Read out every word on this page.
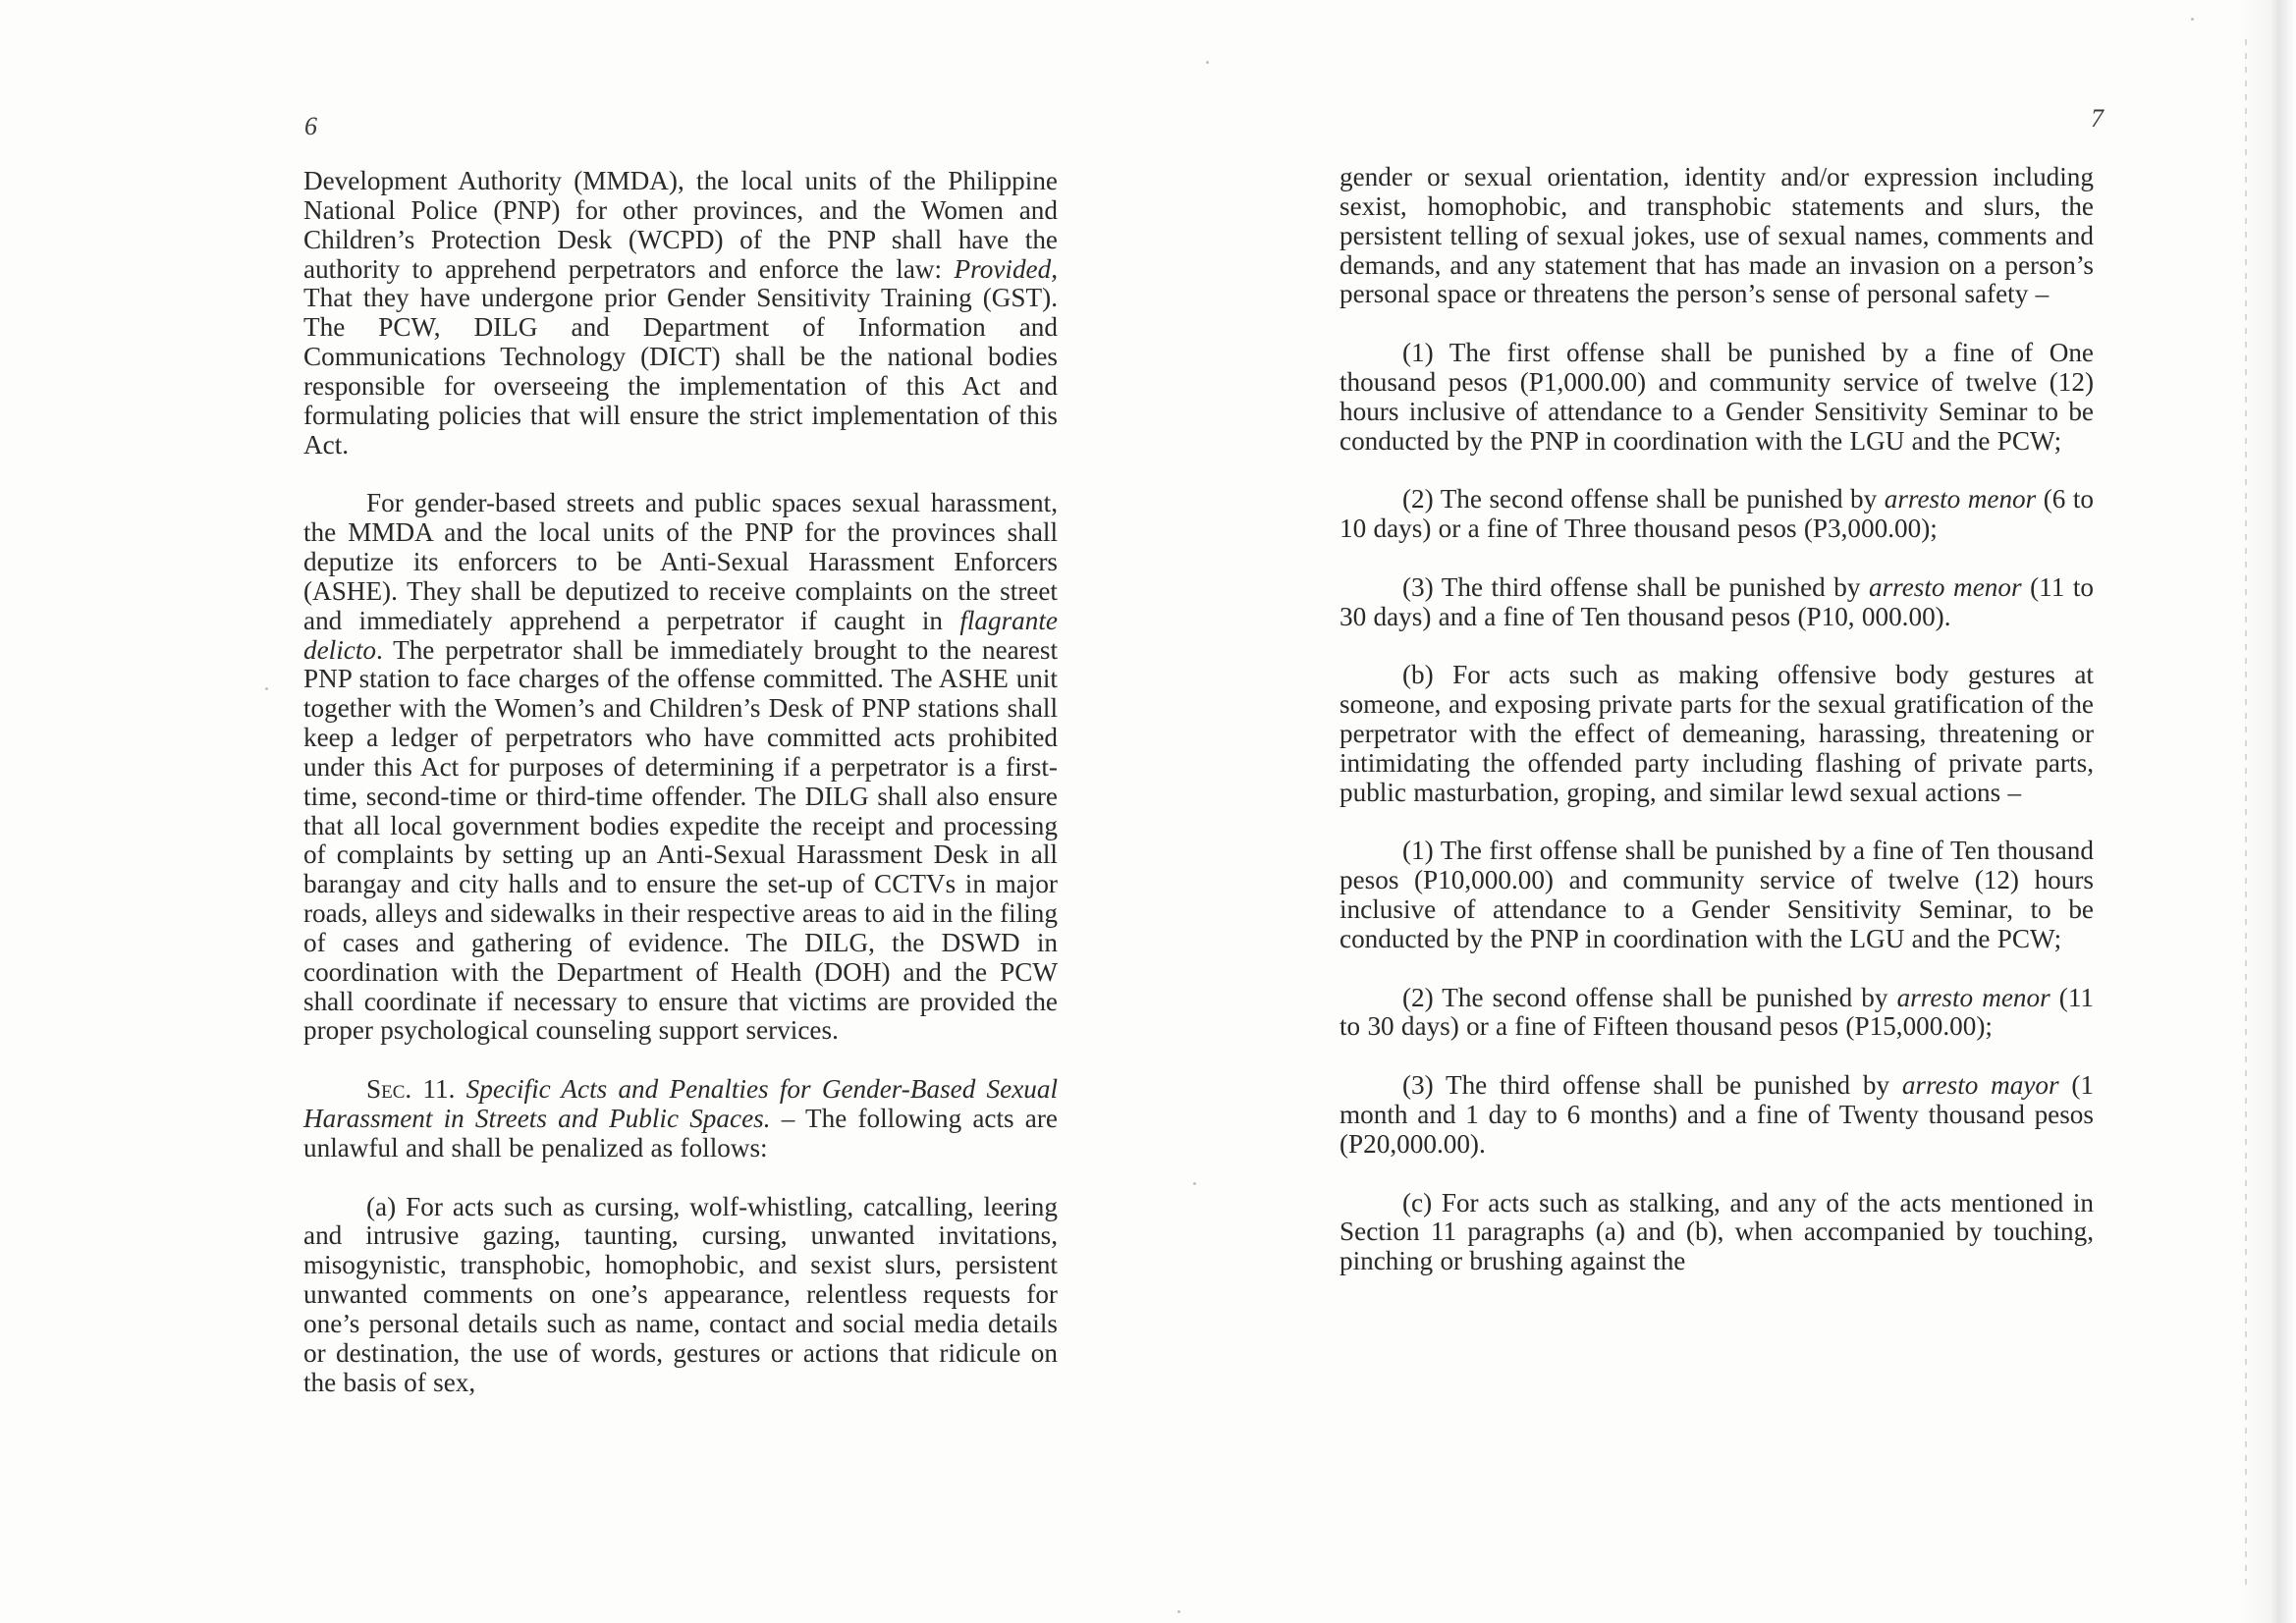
6

Development Authority (MMDA), the local units of the Philippine National Police (PNP) for other provinces, and the Women and Children’s Protection Desk (WCPD) of the PNP shall have the authority to apprehend perpetrators and enforce the law: Provided, That they have undergone prior Gender Sensitivity Training (GST). The PCW, DILG and Department of Information and Communications Technology (DICT) shall be the national bodies responsible for overseeing the implementation of this Act and formulating policies that will ensure the strict implementation of this Act.

For gender-based streets and public spaces sexual harassment, the MMDA and the local units of the PNP for the provinces shall deputize its enforcers to be Anti-Sexual Harassment Enforcers (ASHE). They shall be deputized to receive complaints on the street and immediately apprehend a perpetrator if caught in flagrante delicto. The perpetrator shall be immediately brought to the nearest PNP station to face charges of the offense committed. The ASHE unit together with the Women’s and Children’s Desk of PNP stations shall keep a ledger of perpetrators who have committed acts prohibited under this Act for purposes of determining if a perpetrator is a first-time, second-time or third-time offender. The DILG shall also ensure that all local government bodies expedite the receipt and processing of complaints by setting up an Anti-Sexual Harassment Desk in all barangay and city halls and to ensure the set-up of CCTVs in major roads, alleys and sidewalks in their respective areas to aid in the filing of cases and gathering of evidence. The DILG, the DSWD in coordination with the Department of Health (DOH) and the PCW shall coordinate if necessary to ensure that victims are provided the proper psychological counseling support services.

Sec. 11. Specific Acts and Penalties for Gender-Based Sexual Harassment in Streets and Public Spaces. – The following acts are unlawful and shall be penalized as follows:

(a) For acts such as cursing, wolf-whistling, catcalling, leering and intrusive gazing, taunting, cursing, unwanted invitations, misogynistic, transphobic, homophobic, and sexist slurs, persistent unwanted comments on one’s appearance, relentless requests for one’s personal details such as name, contact and social media details or destination, the use of words, gestures or actions that ridicule on the basis of sex,

7

gender or sexual orientation, identity and/or expression including sexist, homophobic, and transphobic statements and slurs, the persistent telling of sexual jokes, use of sexual names, comments and demands, and any statement that has made an invasion on a person’s personal space or threatens the person’s sense of personal safety –

(1) The first offense shall be punished by a fine of One thousand pesos (P1,000.00) and community service of twelve (12) hours inclusive of attendance to a Gender Sensitivity Seminar to be conducted by the PNP in coordination with the LGU and the PCW;

(2) The second offense shall be punished by arresto menor (6 to 10 days) or a fine of Three thousand pesos (P3,000.00);

(3) The third offense shall be punished by arresto menor (11 to 30 days) and a fine of Ten thousand pesos (P10, 000.00).

(b) For acts such as making offensive body gestures at someone, and exposing private parts for the sexual gratification of the perpetrator with the effect of demeaning, harassing, threatening or intimidating the offended party including flashing of private parts, public masturbation, groping, and similar lewd sexual actions –

(1) The first offense shall be punished by a fine of Ten thousand pesos (P10,000.00) and community service of twelve (12) hours inclusive of attendance to a Gender Sensitivity Seminar, to be conducted by the PNP in coordination with the LGU and the PCW;

(2) The second offense shall be punished by arresto menor (11 to 30 days) or a fine of Fifteen thousand pesos (P15,000.00);

(3) The third offense shall be punished by arresto mayor (1 month and 1 day to 6 months) and a fine of Twenty thousand pesos (P20,000.00).

(c) For acts such as stalking, and any of the acts mentioned in Section 11 paragraphs (a) and (b), when accompanied by touching, pinching or brushing against the
